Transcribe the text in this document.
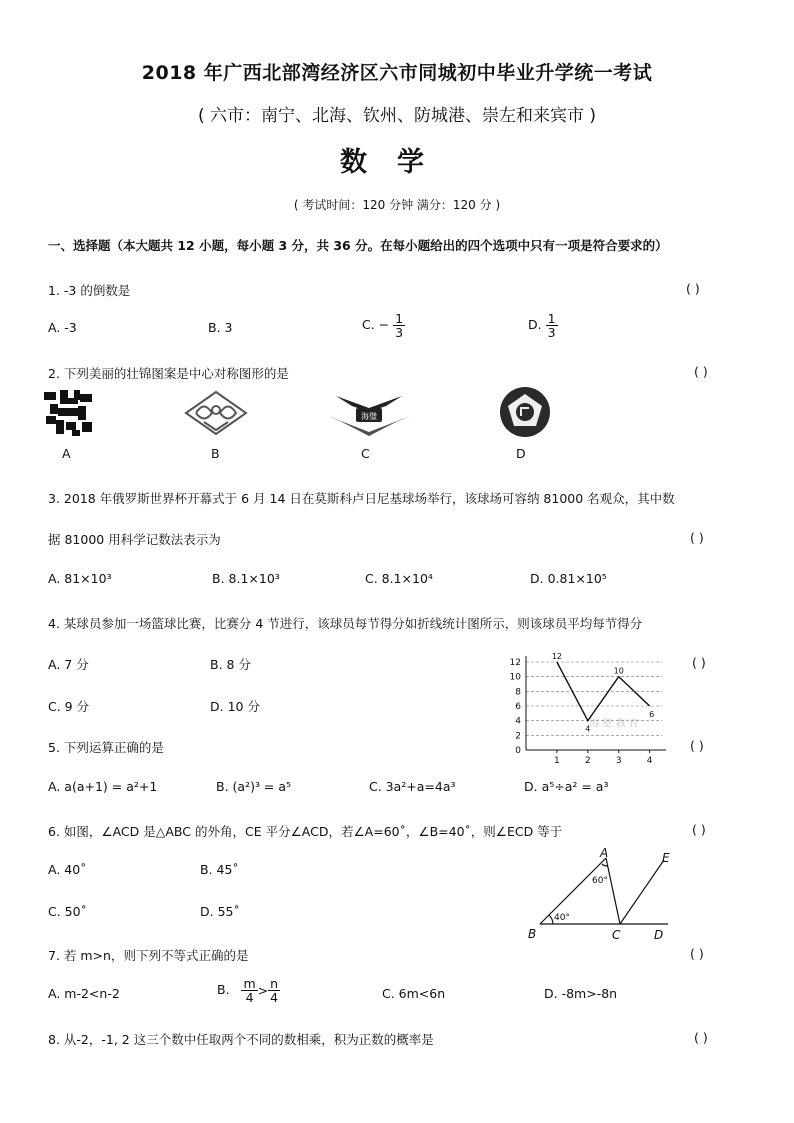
2018 年广西北部湾经济区六市同城初中毕业升学统一考试
( 六市：南宁、北海、钦州、防城港、崇左和来宾市 )
数学
( 考试时间：120 分钟 满分：120 分 )
一、选择题（本大题共 12 小题，每小题 3 分，共 36 分。在每小题给出的四个选项中只有一项是符合要求的）
1. -3 的倒数是	( )
A. -3	B. 3	C. − $\frac{1}{3}$	D. $\frac{1}{3}$
2. 下列美丽的壮锦图案是中心对称图形的是	( )
A	B
海璧
C	D
3. 2018 年俄罗斯世界杯开幕式于 6 月 14 日在莫斯科卢日尼基球场举行，该球场可容纳 81000 名观众，其中数
据 81000 用科学记数法表示为	( )
A. 81×10³	B. 8.1×10³	C. 8.1×10⁴	D. 0.81×10⁵
4. 某球员参加一场篮球比赛，比赛分 4 节进行，该球员每节得分如折线统计图所示，则该球员平均每节得分
( )
A. 7 分	B. 8 分
C. 9 分	D. 10 分
海 璧 教 育
0
2
4
6
8
10
12
1	2	3	4
12
4
10
6
5. 下列运算正确的是	( )
A. a(a+1) = a²+1	B. (a²)³ = a⁵	C. 3a²+a=4a³	D. a⁵÷a² = a³
6. 如图，∠ACD 是△ABC 的外角，CE 平分∠ACD，若∠A=60˚，∠B=40˚，则∠ECD 等于	( )
A. 40˚	B. 45˚
C. 50˚	D. 55˚
A
B	C	D
E
60°
40°
7. 若 m>n，则下列不等式正确的是	( )
A. m-2<n-2	B. $\frac{m}{4} > \frac{n}{4}$	C. 6m<6n	D. -8m>-8n
8. 从-2，-1, 2 这三个数中任取两个不同的数相乘，积为正数的概率是	( )
